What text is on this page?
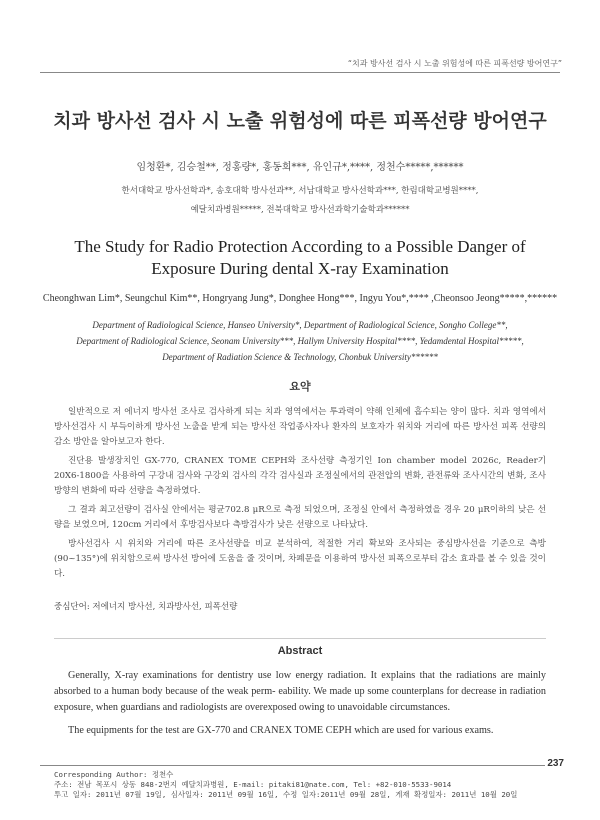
“치과 방사선 검사 시 노출 위험성에 따른 피폭선량 방어연구”
치과 방사선 검사 시 노출 위험성에 따른 피폭선량 방어연구
임청환*, 김승철**, 정홍량*, 홍동희***, 유인규*,****, 정천수*****,******
한서대학교 방사선학과*, 송호대학 방사선과**, 서남대학교 방사선학과***, 한림대학교병원****,
예달치과병원*****, 전북대학교 방사선과학기술학과******
The Study for Radio Protection According to a Possible Danger of
Exposure During dental X-ray Examination
Cheonghwan Lim*, Seungchul Kim**, Hongryang Jung*, Donghee Hong***, Ingyu You*,**** ,Cheonsoo Jeong*****,******
Department of Radiological Science, Hanseo University*, Department of Radiological Science, Songho College**,
Department of Radiological Science, Seonam University***, Hallym University Hospital****, Yedamdental Hospital*****,
Department of Radiation Science & Technology, Chonbuk University******
요약

일반적으로 저 에너지 방사선 조사로 검사하게 되는 치과 영역에서는 투과력이 약해 인체에 흡수되는 양이 많다. 치과 영역에서 방사선검사 시 부득이하게 방사선 노출을 받게 되는 방사선 작업종사자나 환자의 보호자가 위치와 거리에 따른 방사선 피폭 선량의 감소 방안을 알아보고자 한다.

진단용 발생장치인 GX-770, CRANEX TOME CEPH와 조사선량 측정기인 Ion chamber model 2026c, Reader기 20X6-1800을 사용하여 구강내 검사와 구강외 검사의 각각 검사실과 조정실에서의 관전압의 변화, 관전류와 조사시간의 변화, 조사방향의 변화에 따라 선량을 측정하였다.

그 결과 최고선량이 검사실 안에서는 평균702.8 μR으로 측정 되었으며, 조정실 안에서 측정하였을 경우 20 μR이하의 낮은 선량을 보였으며, 120cm 거리에서 후방검사보다 측방검사가 낮은 선량으로 나타났다.

방사선검사 시 위치와 거리에 따른 조사선량을 비교 분석하여, 적절한 거리 확보와 조사되는 중심방사선을 기준으로 측방(90~135°)에 위치함으로써 방사선 방어에 도움을 줄 것이며, 차폐문을 이용하여 방사선 피폭으로부터 감소 효과를 볼 수 있을 것이다.

중심단어: 저에너지 방사선, 치과방사선, 피폭선량
Abstract

Generally, X-ray examinations for dentistry use low energy radiation. It explains that the radiations are mainly absorbed to a human body because of the weak perm- eability. We made up some counterplans for decrease in radiation exposure, when guardians and radiologists are overexposed owing to unavoidable circumstances.

The equipments for the test are GX-770 and CRANEX TOME CEPH which are used for various exams.

237
Corresponding Author: 정천수
주소: 전남 목포시 상동 848-2번지 예달치과병원, E-mail: pitaki81@nate.com, Tel: +82-010-5533-9014
투고 일자: 2011년 07월 19일, 심사일자: 2011년 09월 16일, 수정 일자:2011년 09월 28일, 게재 확정일자: 2011년 10월 20일
